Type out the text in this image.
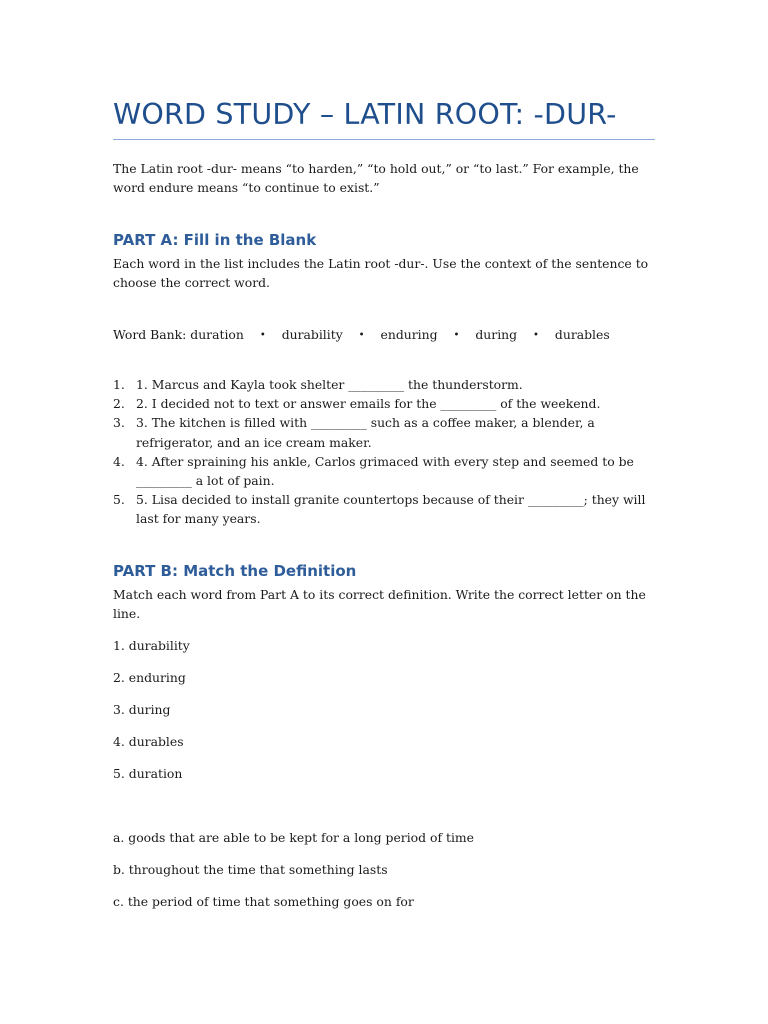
WORD STUDY – LATIN ROOT: -DUR-
The Latin root -dur- means “to harden,” “to hold out,” or “to last.” For example, the word endure means “to continue to exist.”
PART A: Fill in the Blank
Each word in the list includes the Latin root -dur-. Use the context of the sentence to choose the correct word.
Word Bank: duration • durability • enduring • during • durables
1. 1. Marcus and Kayla took shelter _________ the thunderstorm.
2. 2. I decided not to text or answer emails for the _________ of the weekend.
3. 3. The kitchen is filled with _________ such as a coffee maker, a blender, a refrigerator, and an ice cream maker.
4. 4. After spraining his ankle, Carlos grimaced with every step and seemed to be _________ a lot of pain.
5. 5. Lisa decided to install granite countertops because of their _________; they will last for many years.
PART B: Match the Definition
Match each word from Part A to its correct definition. Write the correct letter on the line.
1. durability
2. enduring
3. during
4. durables
5. duration
a. goods that are able to be kept for a long period of time
b. throughout the time that something lasts
c. the period of time that something goes on for
